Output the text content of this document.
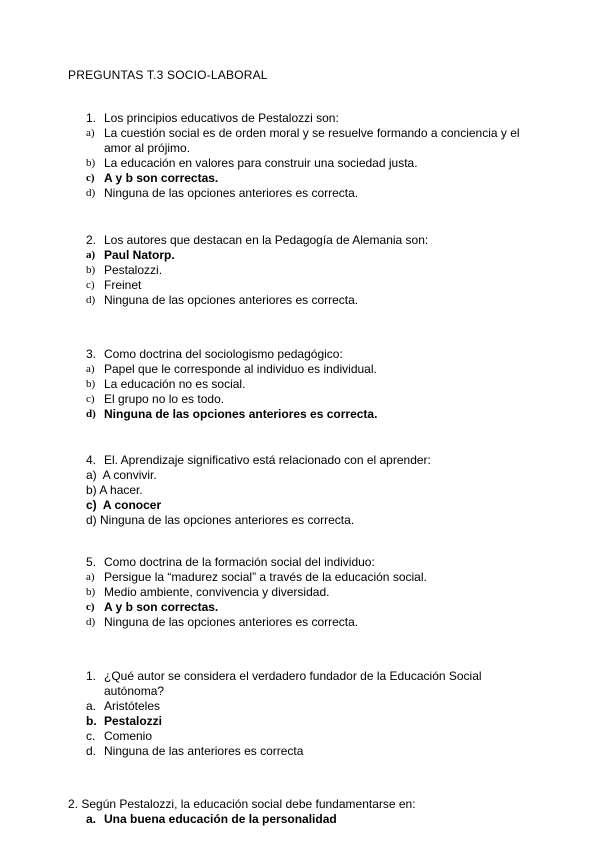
PREGUNTAS T.3 SOCIO-LABORAL
1. Los principios educativos de Pestalozzi son:
a) La cuestión social es de orden moral y se resuelve formando a conciencia y el
amor al prójimo.
b) La educación en valores para construir una sociedad justa.
c) A y b son correctas.
d) Ninguna de las opciones anteriores es correcta.
2. Los autores que destacan en la Pedagogía de Alemania son:
a) Paul Natorp.
b) Pestalozzi.
c) Freinet
d) Ninguna de las opciones anteriores es correcta.
3. Como doctrina del sociologismo pedagógico:
a) Papel que le corresponde al individuo es individual.
b) La educación no es social.
c) El grupo no lo es todo.
d) Ninguna de las opciones anteriores es correcta.
4. El. Aprendizaje significativo está relacionado con el aprender:
a)  A convivir.
b) A hacer.
c)  A conocer
d) Ninguna de las opciones anteriores es correcta.
5. Como doctrina de la formación social del individuo:
a) Persigue la “madurez social” a través de la educación social.
b) Medio ambiente, convivencia y diversidad.
c) A y b son correctas.
d) Ninguna de las opciones anteriores es correcta.
1. ¿Qué autor se considera el verdadero fundador de la Educación Social
autónoma?
a. Aristóteles
b. Pestalozzi
c. Comenio
d. Ninguna de las anteriores es correcta
2. Según Pestalozzi, la educación social debe fundamentarse en:
a. Una buena educación de la personalidad
